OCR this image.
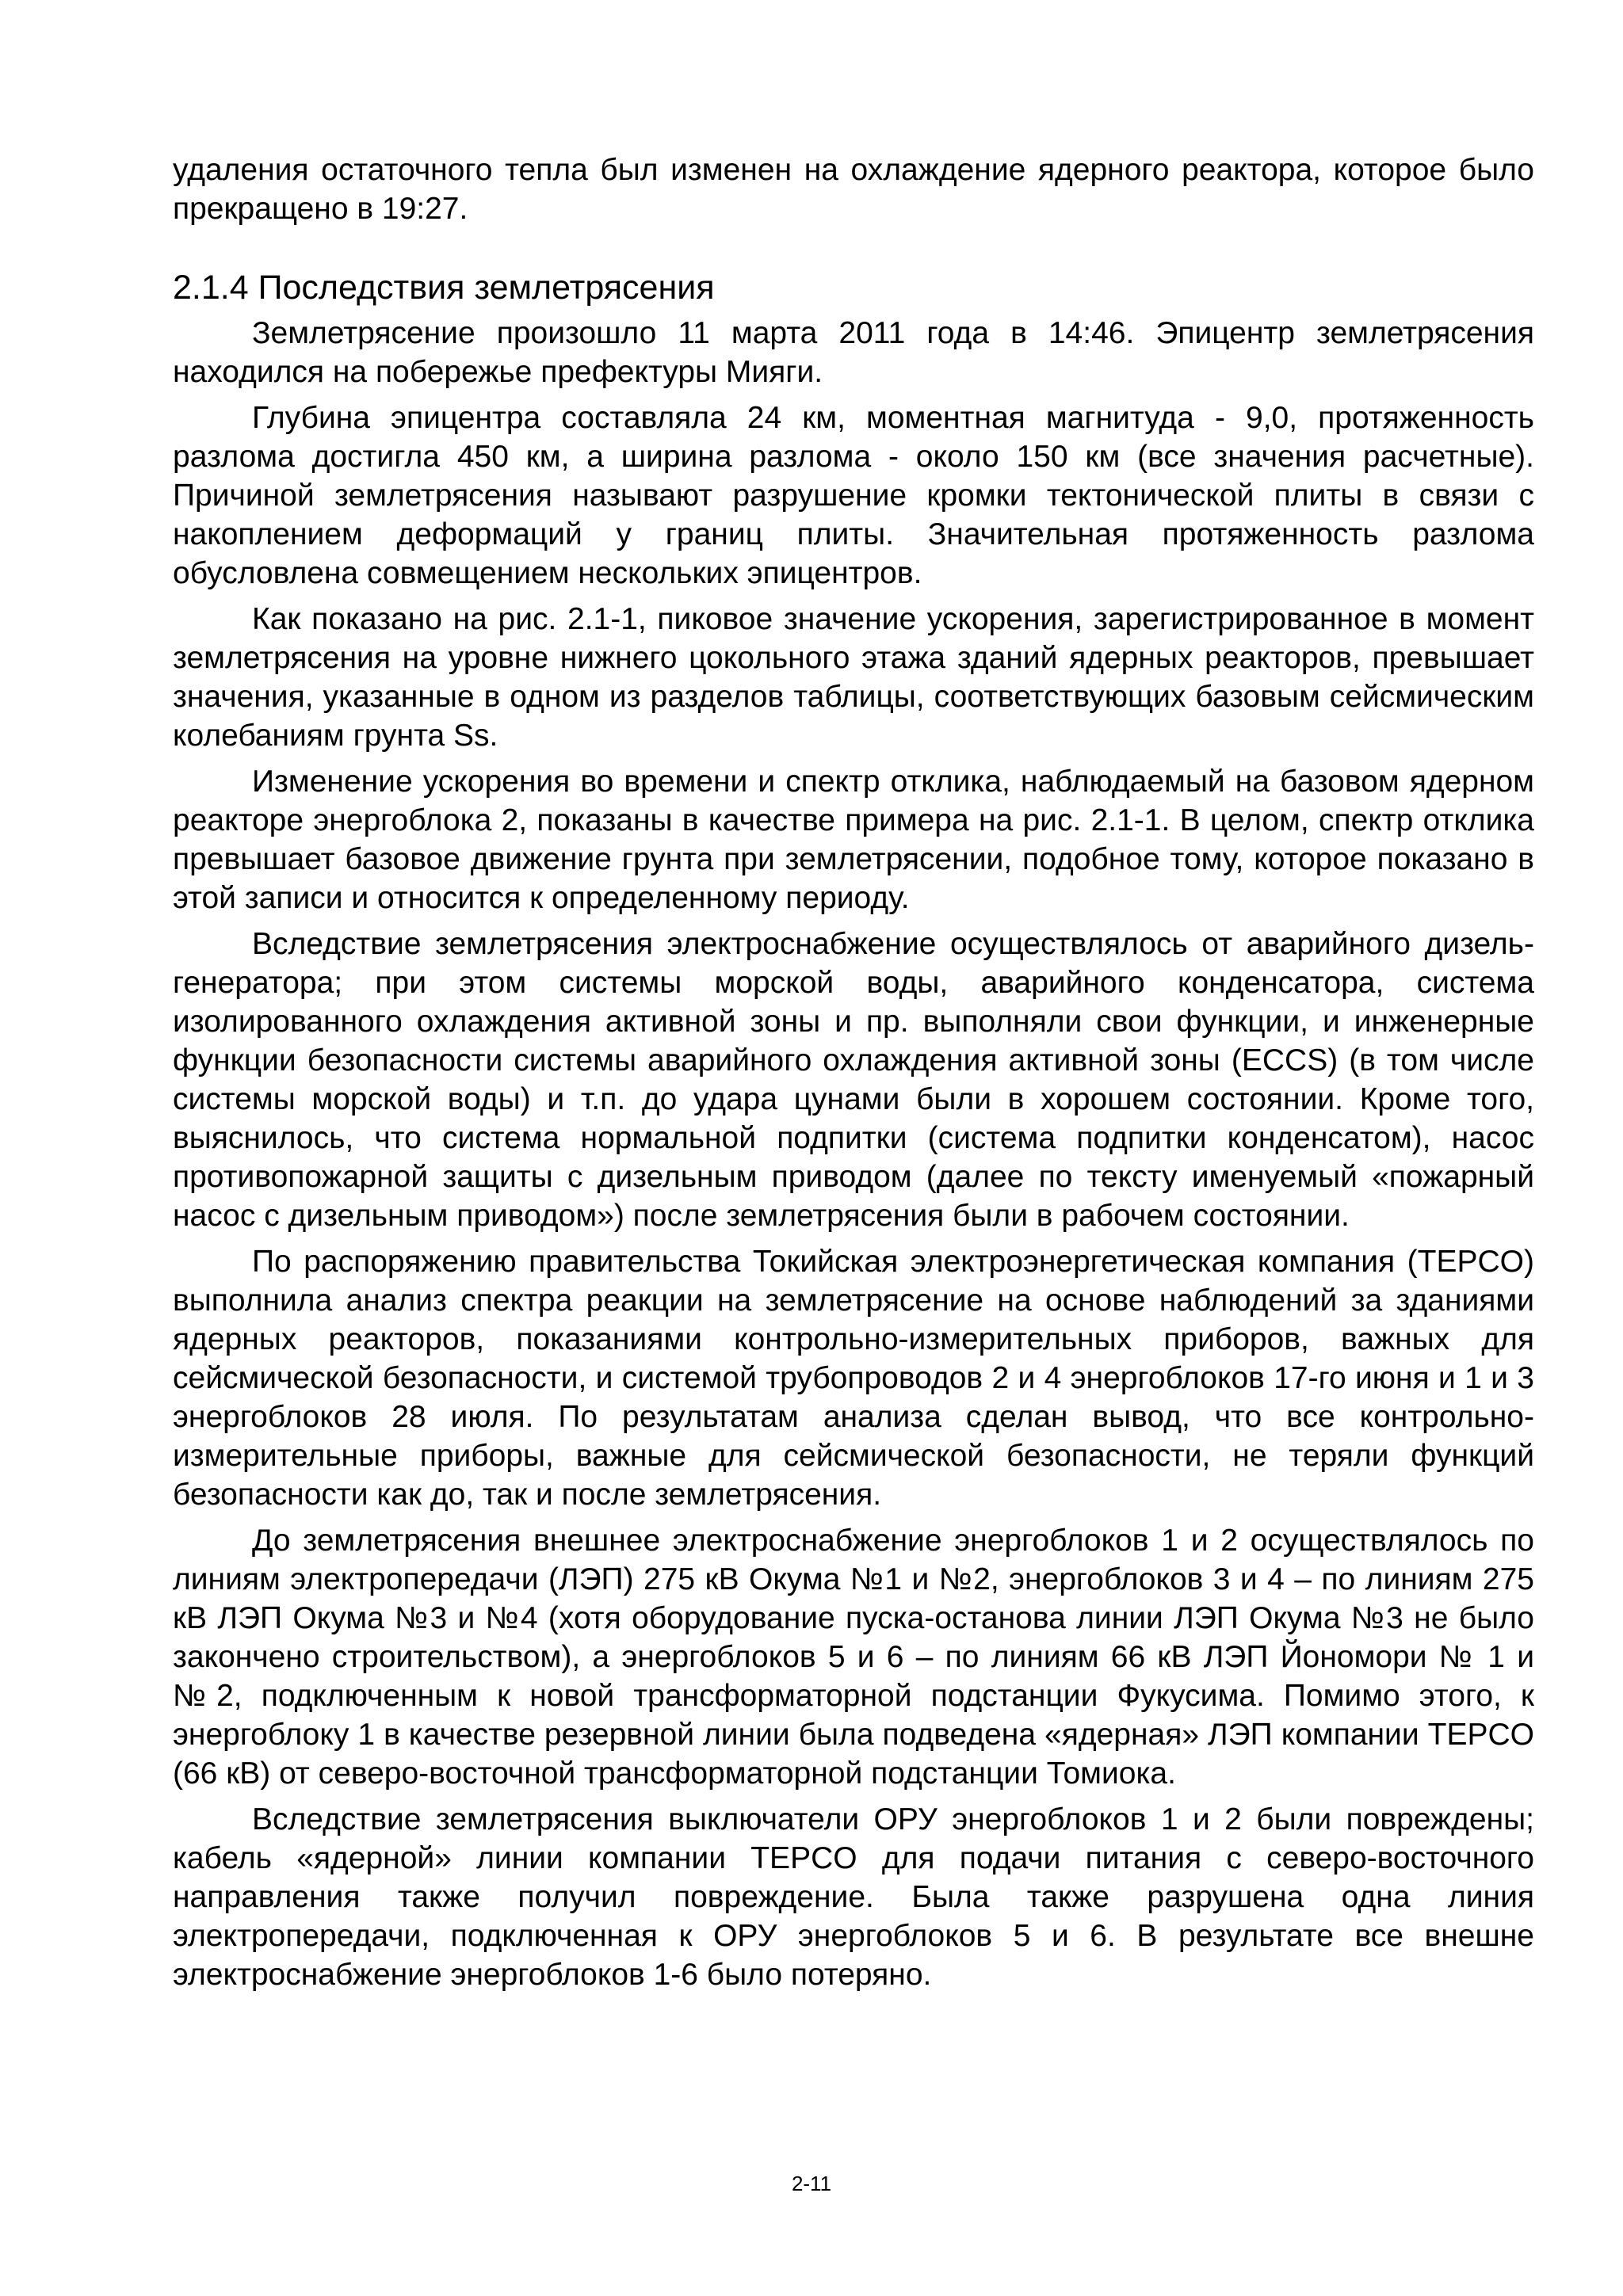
удаления остаточного тепла был изменен на охлаждение ядерного реактора, которое было прекращено в 19:27.

2.1.4 Последствия землетрясения

Землетрясение произошло 11 марта 2011 года в 14:46. Эпицентр землетрясения находился на побережье префектуры Мияги.

Глубина эпицентра составляла 24 км, моментная магнитуда - 9,0, протяженность разлома достигла 450 км, а ширина разлома - около 150 км (все значения расчетные). Причиной землетрясения называют разрушение кромки тектонической плиты в связи с накоплением деформаций у границ плиты. Значительная протяженность разлома обусловлена совмещением нескольких эпицентров.

Как показано на рис. 2.1-1, пиковое значение ускорения, зарегистрированное в момент землетрясения на уровне нижнего цокольного этажа зданий ядерных реакторов, превышает значения, указанные в одном из разделов таблицы, соответствующих базовым сейсмическим колебаниям грунта Ss.

Изменение ускорения во времени и спектр отклика, наблюдаемый на базовом ядерном реакторе энергоблока 2, показаны в качестве примера на рис. 2.1-1. В целом, спектр отклика превышает базовое движение грунта при землетрясении, подобное тому, которое показано в этой записи и относится к определенному периоду.

Вследствие землетрясения электроснабжение осуществлялось от аварийного дизель-генератора; при этом системы морской воды, аварийного конденсатора, система изолированного охлаждения активной зоны и пр. выполняли свои функции, и инженерные функции безопасности системы аварийного охлаждения активной зоны (ECCS) (в том числе системы морской воды) и т.п. до удара цунами были в хорошем состоянии. Кроме того, выяснилось, что система нормальной подпитки (система подпитки конденсатом), насос противопожарной защиты с дизельным приводом (далее по тексту именуемый «пожарный насос с дизельным приводом») после землетрясения были в рабочем состоянии.

По распоряжению правительства Токийская электроэнергетическая компания (TEPCO) выполнила анализ спектра реакции на землетрясение на основе наблюдений за зданиями ядерных реакторов, показаниями контрольно-измерительных приборов, важных для сейсмической безопасности, и системой трубопроводов 2 и 4 энергоблоков 17-го июня и 1 и 3 энергоблоков 28 июля. По результатам анализа сделан вывод, что все контрольно-измерительные приборы, важные для сейсмической безопасности, не теряли функций безопасности как до, так и после землетрясения.

До землетрясения внешнее электроснабжение энергоблоков 1 и 2 осуществлялось по линиям электропередачи (ЛЭП) 275 кВ Окума №1 и №2, энергоблоков 3 и 4 – по линиям 275 кВ ЛЭП Окума №3 и №4 (хотя оборудование пуска-останова линии ЛЭП Окума №3 не было закончено строительством), а энергоблоков 5 и 6 – по линиям 66 кВ ЛЭП Йономори № 1 и №2, подключенным к новой трансформаторной подстанции Фукусима. Помимо этого, к энергоблоку 1 в качестве резервной линии была подведена «ядерная» ЛЭП компании TEPCO (66 кВ) от северо-восточной трансформаторной подстанции Томиока.

Вследствие землетрясения выключатели ОРУ энергоблоков 1 и 2 были повреждены; кабель «ядерной» линии компании TEPCO для подачи питания с северо-восточного направления также получил повреждение. Была также разрушена одна линия электропередачи, подключенная к ОРУ энергоблоков 5 и 6. В результате все внешне электроснабжение энергоблоков 1-6 было потеряно.

2-11
